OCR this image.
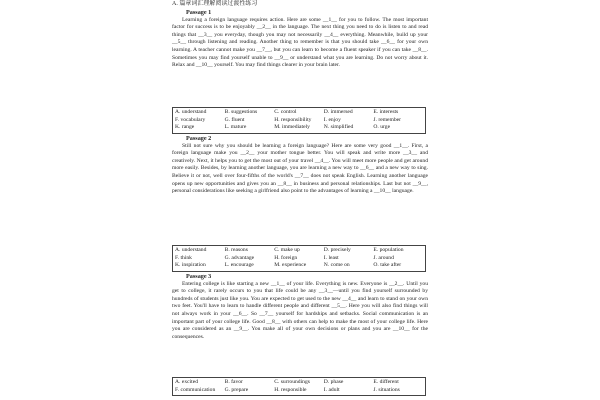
A. 篇章词汇理解阅读过渡性练习
Passage 1

Learning a foreign language requires action. Here are some __1__ for you to follow. The most important factor for success is to be enjoyably __2__ in the language. The next thing you need to do is listen to and read things that __3__ you everyday, though you may not necessarily __4__ everything. Meanwhile, build up your __5__ through listening and reading. Another thing to remember is that you should take __6__ for your own learning. A teacher cannot make you __7__, but you can learn to become a fluent speaker if you can take __8__. Sometimes you may find yourself unable to __9__ or understand what you are learning. Do not worry about it. Relax and __10__ yourself. You may find things clearer in your brain later.

A. understand	B. suggestions	C. control	D. immersed	E. interests
F. vocabulary	G. fluent	H. responsibility	I. enjoy	J. remember
K. range	L. mature	M. immediately	N. simplified	O. urge
Passage 2

Still not sure why you should be learning a foreign language? Here are some very good __1__. First, a foreign language make you __2__ your mother tongue better. You will speak and write more __3__ and creatively. Next, it helps you to get the most out of your travel __4__. You will meet more people and get around more easily. Besides, by learning another language, you are learning a new way to __6__ and a new way to sing. Believe it or not, well over four-fifths of the world's __7__ does not speak English. Learning another language opens up new opportunities and gives you an __8__ in business and personal relationships. Last but not __9__, personal considerations like seeking a girlfriend also point to the advantages of learning a __10__ language.

A. understand	B. reasons	C. make up	D. precisely	E. population
F. think	G. advantage	H. foreign	I. least	J. around
K. inspiration	L. encourage	M. experience	N. come on	O. take after
Passage 3

Entering college is like starting a new __1__ of your life. Everything is new. Everyone is __2__. Until you get to college, it rarely occurs to you that life could be any __3__—until you find yourself surrounded by hundreds of students just like you. You are expected to get used to the new __4__ and learn to stand on your own two feet. You'll have to learn to handle different people and different __5__. Here you will also find things will not always work in your __6__. So __7__ yourself for hardships and setbacks. Social communication is an important part of your college life. Good __8__ with others can help to make the most of your college life. Here you are considered as an __9__. You make all of your own decisions or plans and you are __10__ for the consequences.

A. excited	B. favor	C. surroundings	D. phase	E. different
F. communication	G. prepare	H. responsible	I. adult	J. situations
